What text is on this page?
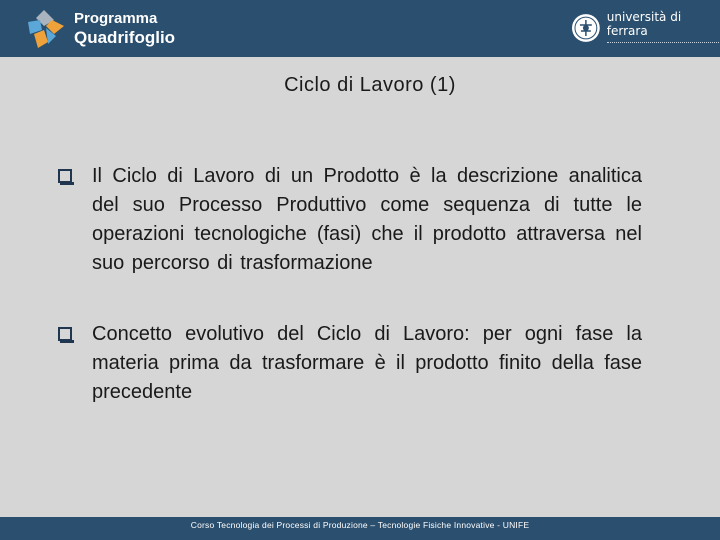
Programma
Quadrifoglio
università di ferrara
Ciclo di Lavoro (1)
Il Ciclo di Lavoro di un Prodotto è la descrizione analitica del suo Processo Produttivo come sequenza di tutte le operazioni tecnologiche (fasi) che il prodotto attraversa nel suo percorso di trasformazione
Concetto evolutivo del Ciclo di Lavoro: per ogni fase la materia prima da trasformare è il prodotto finito della fase precedente
Corso Tecnologia dei Processi di Produzione – Tecnologie Fisiche Innovative - UNIFE
